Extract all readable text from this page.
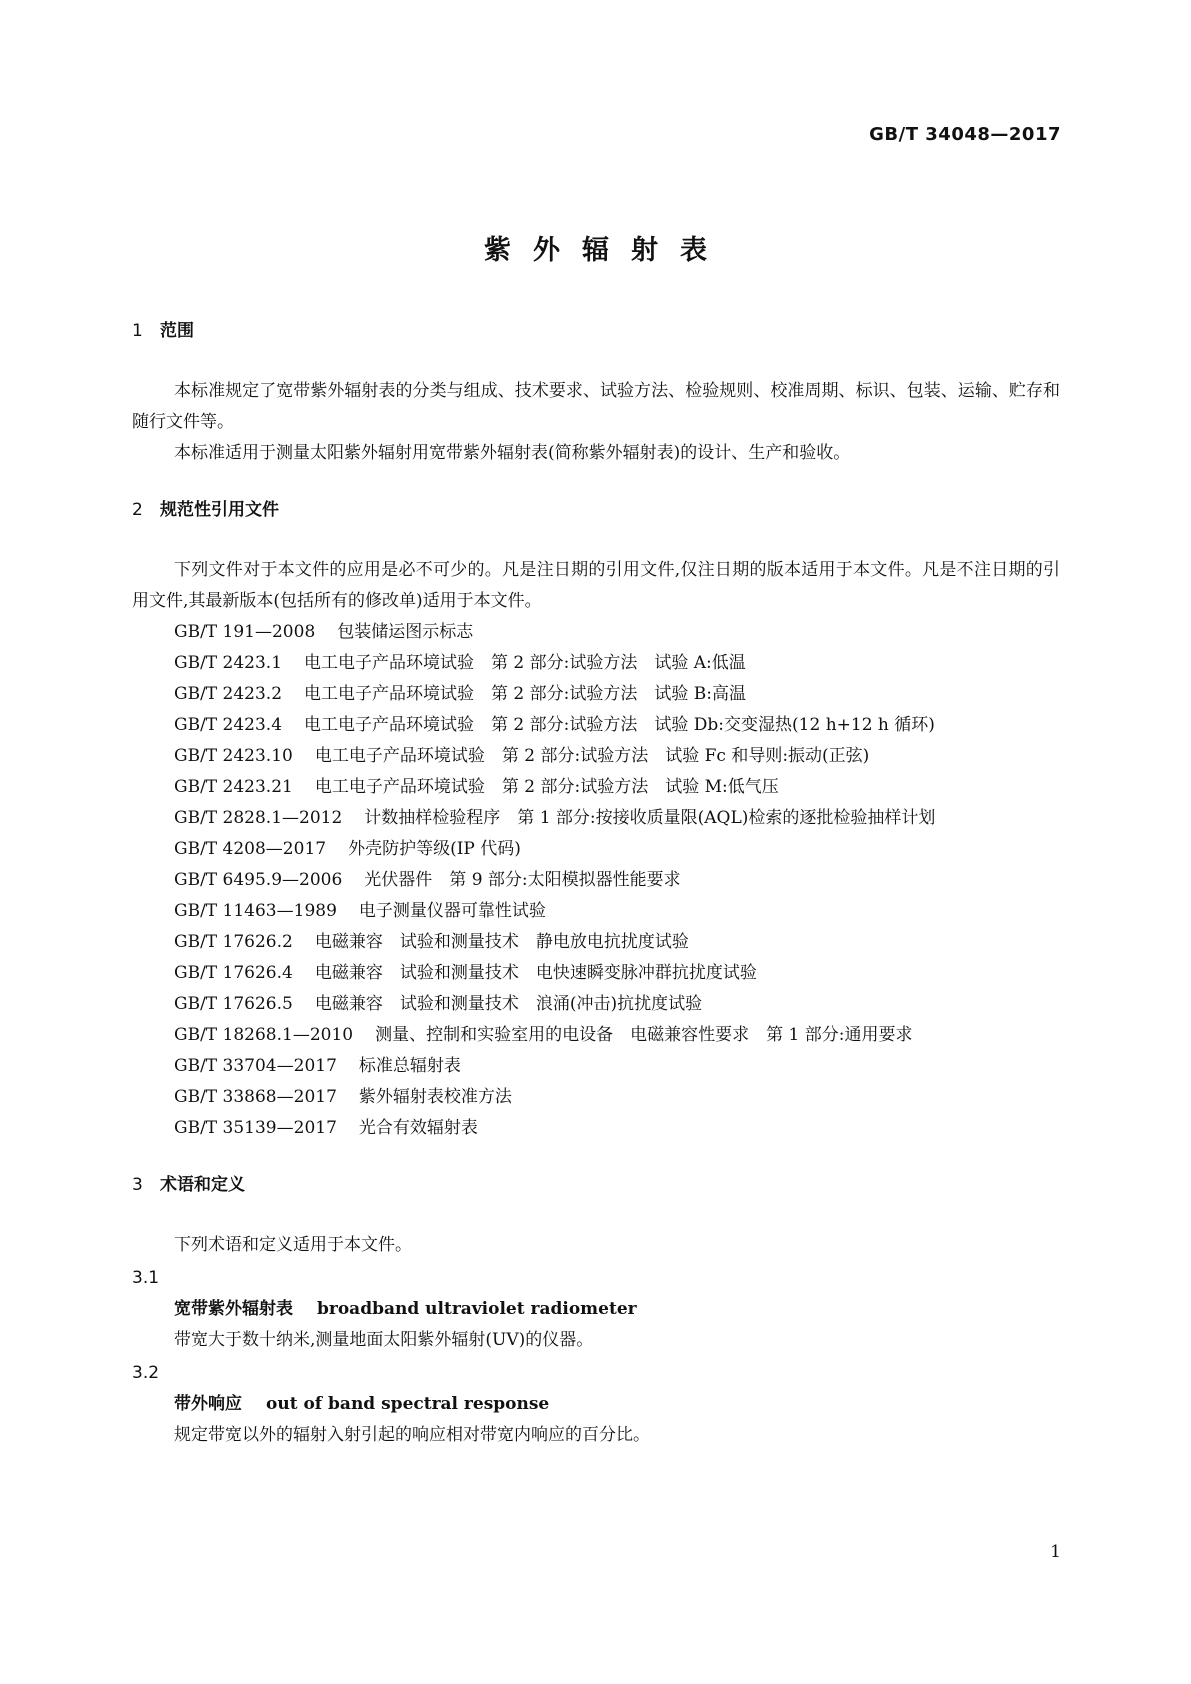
GB/T 34048—2017
紫外辐射表
1 范围

本标准规定了宽带紫外辐射表的分类与组成、技术要求、试验方法、检验规则、校准周期、标识、包装、运输、贮存和随行文件等。

本标准适用于测量太阳紫外辐射用宽带紫外辐射表(简称紫外辐射表)的设计、生产和验收。

2 规范性引用文件

下列文件对于本文件的应用是必不可少的。凡是注日期的引用文件,仅注日期的版本适用于本文件。凡是不注日期的引用文件,其最新版本(包括所有的修改单)适用于本文件。

GB/T 191—2008 包装储运图示标志

GB/T 2423.1 电工电子产品环境试验　第 2 部分:试验方法　试验 A:低温

GB/T 2423.2 电工电子产品环境试验　第 2 部分:试验方法　试验 B:高温

GB/T 2423.4 电工电子产品环境试验　第 2 部分:试验方法　试验 Db:交变湿热(12 h+12 h 循环)

GB/T 2423.10 电工电子产品环境试验　第 2 部分:试验方法　试验 Fc 和导则:振动(正弦)

GB/T 2423.21 电工电子产品环境试验　第 2 部分:试验方法　试验 M:低气压

GB/T 2828.1—2012 计数抽样检验程序　第 1 部分:按接收质量限(AQL)检索的逐批检验抽样计划

GB/T 4208—2017 外壳防护等级(IP 代码)

GB/T 6495.9—2006 光伏器件　第 9 部分:太阳模拟器性能要求

GB/T 11463—1989 电子测量仪器可靠性试验

GB/T 17626.2 电磁兼容　试验和测量技术　静电放电抗扰度试验

GB/T 17626.4 电磁兼容　试验和测量技术　电快速瞬变脉冲群抗扰度试验

GB/T 17626.5 电磁兼容　试验和测量技术　浪涌(冲击)抗扰度试验

GB/T 18268.1—2010 测量、控制和实验室用的电设备　电磁兼容性要求　第 1 部分:通用要求

GB/T 33704—2017 标准总辐射表

GB/T 33868—2017 紫外辐射表校准方法

GB/T 35139—2017 光合有效辐射表

3 术语和定义

下列术语和定义适用于本文件。

3.1
宽带紫外辐射表 broadband ultraviolet radiometer
带宽大于数十纳米,测量地面太阳紫外辐射(UV)的仪器。
3.2
带外响应 out of band spectral response
规定带宽以外的辐射入射引起的响应相对带宽内响应的百分比。
1
